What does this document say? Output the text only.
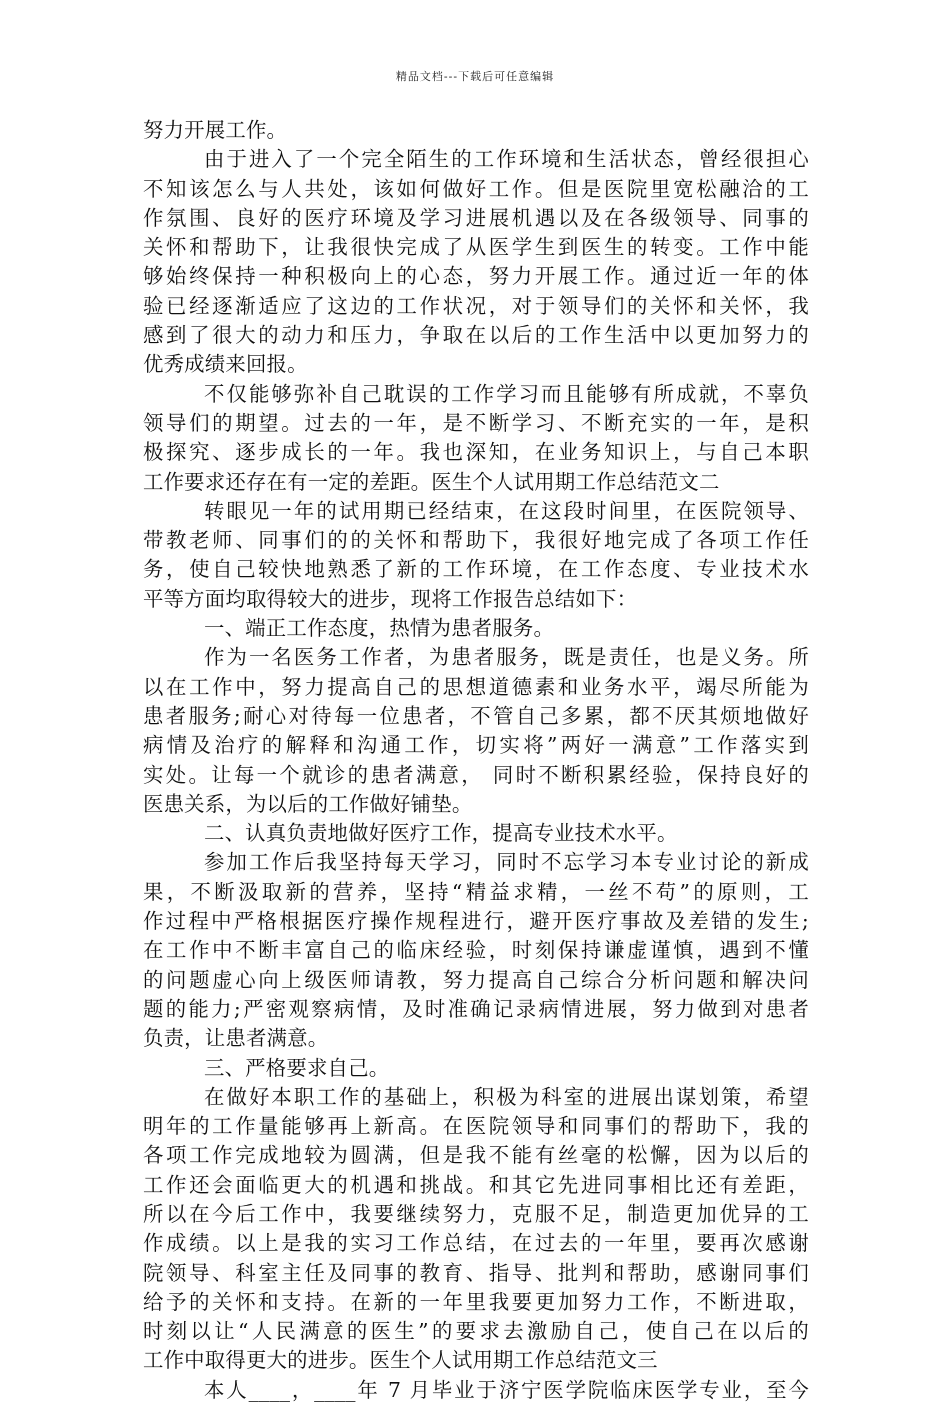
精品文档---下载后可任意编辑
努力开展工作。
由于进入了一个完全陌生的工作环境和生活状态，曾经很担心
不知该怎么与人共处，该如何做好工作。但是医院里宽松融洽的工
作氛围、良好的医疗环境及学习进展机遇以及在各级领导、同事的
关怀和帮助下，让我很快完成了从医学生到医生的转变。工作中能
够始终保持一种积极向上的心态，努力开展工作。通过近一年的体
验已经逐渐适应了这边的工作状况，对于领导们的关怀和关怀，我
感到了很大的动力和压力，争取在以后的工作生活中以更加努力的
优秀成绩来回报。
不仅能够弥补自己耽误的工作学习而且能够有所成就，不辜负
领导们的期望。过去的一年，是不断学习、不断充实的一年，是积
极探究、逐步成长的一年。我也深知，在业务知识上，与自己本职
工作要求还存在有一定的差距。医生个人试用期工作总结范文二
转眼见一年的试用期已经结束，在这段时间里，在医院领导、
带教老师、同事们的的关怀和帮助下，我很好地完成了各项工作任
务，使自己较快地熟悉了新的工作环境，在工作态度、专业技术水
平等方面均取得较大的进步，现将工作报告总结如下：
一、端正工作态度，热情为患者服务。
作为一名医务工作者，为患者服务，既是责任，也是义务。所
以在工作中，努力提高自己的思想道德素和业务水平，竭尽所能为
患者服务;耐心对待每一位患者，不管自己多累，都不厌其烦地做好
病情及治疗的解释和沟通工作，切实将”两好一满意”工作落实到
实处。让每一个就诊的患者满意， 同时不断积累经验，保持良好的
医患关系，为以后的工作做好铺垫。
二、认真负责地做好医疗工作，提高专业技术水平。
参加工作后我坚持每天学习，同时不忘学习本专业讨论的新成
果，不断汲取新的营养，坚持“精益求精，一丝不苟”的原则，工
作过程中严格根据医疗操作规程进行，避开医疗事故及差错的发生;
在工作中不断丰富自己的临床经验，时刻保持谦虚谨慎，遇到不懂
的问题虚心向上级医师请教，努力提高自己综合分析问题和解决问
题的能力;严密观察病情，及时准确记录病情进展，努力做到对患者
负责，让患者满意。
三、严格要求自己。
在做好本职工作的基础上，积极为科室的进展出谋划策，希望
明年的工作量能够再上新高。在医院领导和同事们的帮助下，我的
各项工作完成地较为圆满，但是我不能有丝毫的松懈，因为以后的
工作还会面临更大的机遇和挑战。和其它先进同事相比还有差距，
所以在今后工作中，我要继续努力，克服不足，制造更加优异的工
作成绩。以上是我的实习工作总结，在过去的一年里，要再次感谢
院领导、科室主任及同事的教育、指导、批判和帮助，感谢同事们
给予的关怀和支持。在新的一年里我要更加努力工作，不断进取，
时刻以让“人民满意的医生”的要求去激励自己，使自己在以后的
工作中取得更大的进步。医生个人试用期工作总结范文三
本人____，____年 7 月毕业于济宁医学院临床医学专业，至今
